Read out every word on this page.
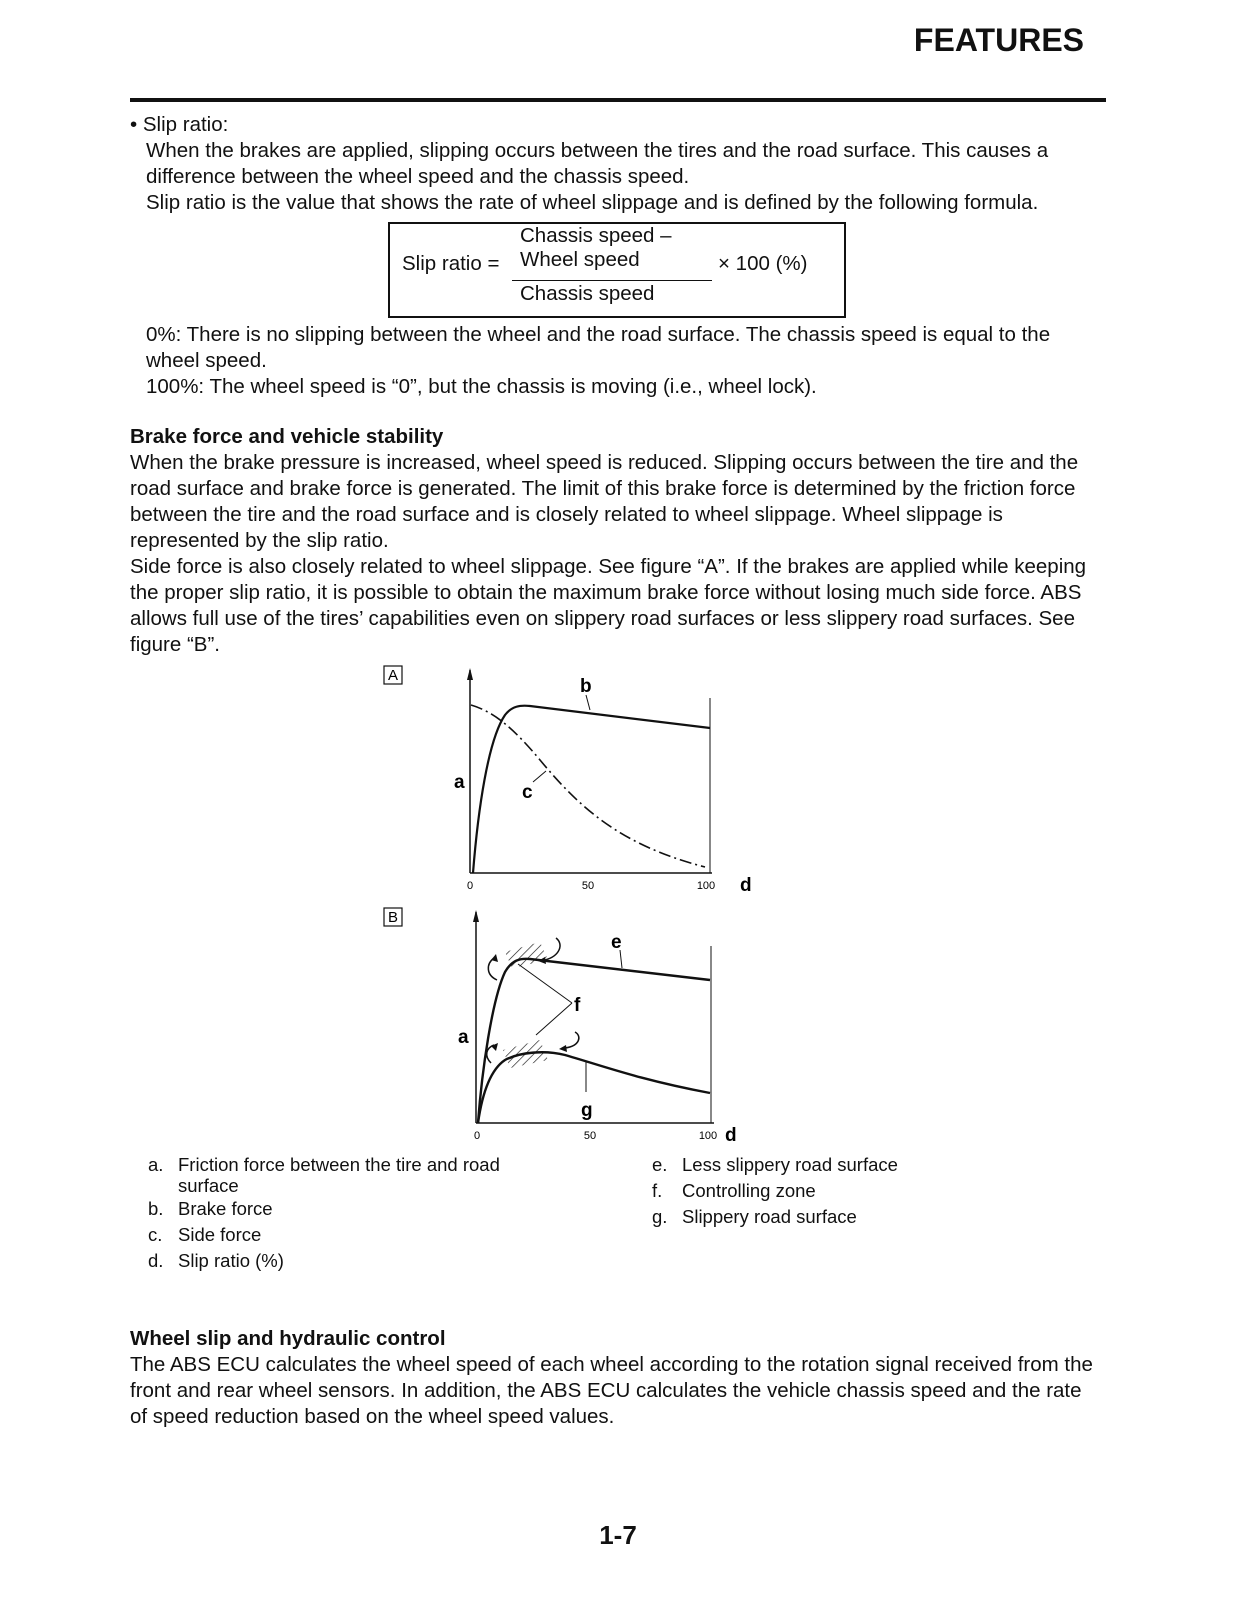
FEATURES
• Slip ratio:
When the brakes are applied, slipping occurs between the tires and the road surface. This causes a difference between the wheel speed and the chassis speed.
Slip ratio is the value that shows the rate of wheel slippage and is defined by the following formula.
Slip ratio =
Chassis speed –
Wheel speed
Chassis speed
× 100 (%)
0%: There is no slipping between the wheel and the road surface. The chassis speed is equal to the wheel speed.
100%: The wheel speed is “0”, but the chassis is moving (i.e., wheel lock).
Brake force and vehicle stability
When the brake pressure is increased, wheel speed is reduced. Slipping occurs between the tire and the road surface and brake force is generated. The limit of this brake force is determined by the friction force between the tire and the road surface and is closely related to wheel slippage. Wheel slippage is represented by the slip ratio.
Side force is also closely related to wheel slippage. See figure “A”. If the brakes are applied while keeping the proper slip ratio, it is possible to obtain the maximum brake force without losing much side force. ABS allows full use of the tires’ capabilities even on slippery road surfaces or less slippery road surfaces. See figure “B”.
A
b
a	c
0	50	100 d
B
e
f
a
g
0	50	100 d
a. Friction force between the tire and road surface
b. Brake force
c. Side force
d. Slip ratio (%)
e. Less slippery road surface
f.	Controlling zone
g. Slippery road surface
Wheel slip and hydraulic control
The ABS ECU calculates the wheel speed of each wheel according to the rotation signal received from the front and rear wheel sensors. In addition, the ABS ECU calculates the vehicle chassis speed and the rate of speed reduction based on the wheel speed values.
1-7
